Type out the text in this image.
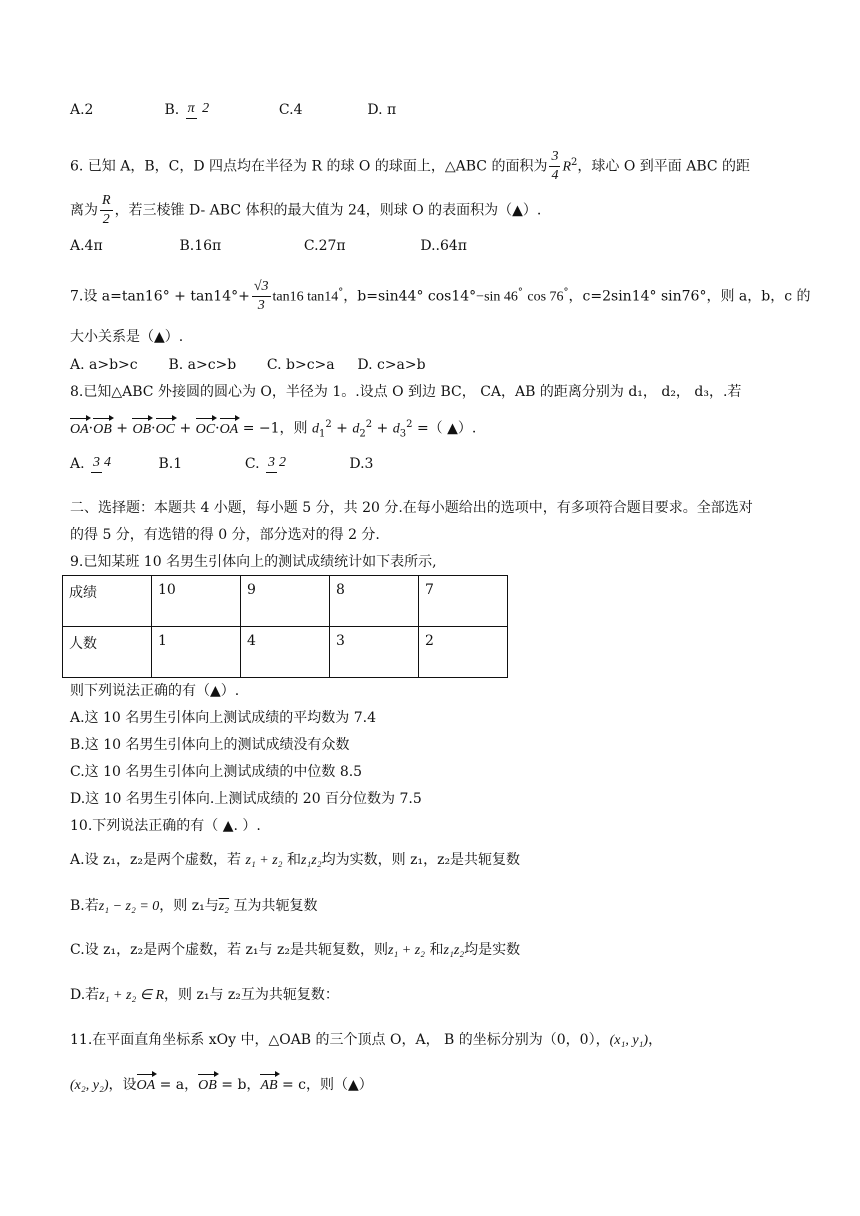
A.2	B. π 2	C.4	D. π
6. 已知 A，B，C，D 四点均在半径为 R 的球 O 的球面上，△ABC 的面积为 $\frac{3}{4} R^2$，球心 O 到平面 ABC 的距
离为 $\frac{R}{2}$ ，若三棱锥 D- ABC 体积的最大值为 24，则球 O 的表面积为（▲）.
A.4π	B.16π	C.27π	D..64π
7.设 $a=\tan 16^\circ + \tan 14^\circ+ \frac{√3}{3} \tan 16$ tan14°，b=sin44° cos14°−sin 46° cos 76°，c=2sin14° sin76°，则 a，b，c 的
大小关系是（▲）.
A. a>b>c B. a>c>b C. b>c>a D. c>a>b
8.已知△ABC 外接圆的圆心为 O，半径为 1。.设点 O 到边 BC， CA，AB 的距离分别为 d₁， d₂， d₃，.若
OA·OB + OB·OC + OC·OA = −1，则 $d_1^2 + d_2^2 + d_3^2$ =（ ▲）.
A. 3 4	B.1	C. 3 2	D.3
二、选择题：本题共 4 小题，每小题 5 分，共 20 分.在每小题给出的选项中，有多项符合题目要求。全部选对
的得 5 分，有选错的得 0 分，部分选对的得 2 分.
9.已知某班 10 名男生引体向上的测试成绩统计如下表所示,
成绩	10	9	8	7
人数	1	4	3	2
则下列说法正确的有（▲）.
A.这 10 名男生引体向上测试成绩的平均数为 7.4
B.这 10 名男生引体向上的测试成绩没有众数
C.这 10 名男生引体向上测试成绩的中位数 8.5
D.这 10 名男生引体向.上测试成绩的 20 百分位数为 7.5
10.下列说法正确的有（ ▲. ）.
A.设 z₁，z₂是两个虚数，若 z₁ + z₂ 和z₁z₂均为实数，则 z₁，z₂是共轭复数
B.若z₁ − z₂ = 0，则 z₁与z₂ 互为共轭复数
C.设 z₁，z₂是两个虚数，若 z₁与 z₂是共轭复数，则z₁ + z₂ 和z₁z₂均是实数
D.若z₁ + z₂ ∈ R，则 z₁与 z₂互为共轭复数：
11.在平面直角坐标系 xOy 中，△OAB 的三个顶点 O，A， B 的坐标分别为（0，0），(x₁, y₁)，
(x₂, y₂)，设OA = a，OB = b，AB = c，则（▲）
